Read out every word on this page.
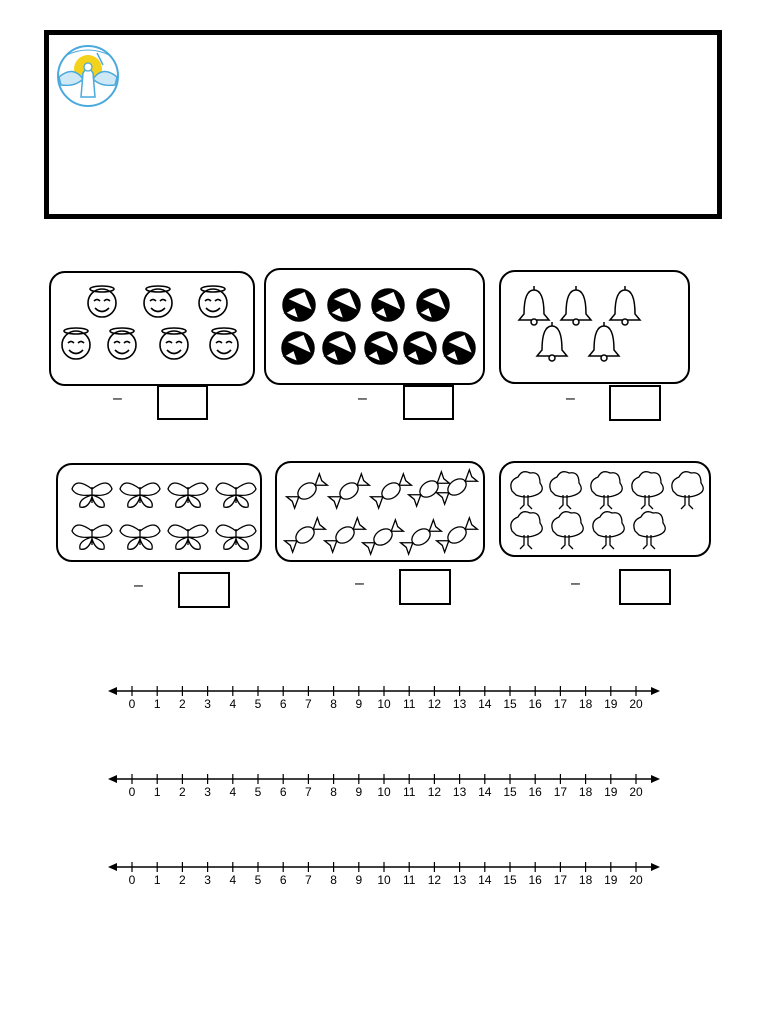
–	–	–
–	–	–
0	1	2	3	4	5	6	7	8	9	10	11	12 13 14 15 16 17 18 19 20
0	1	2	3	4	5	6	7	8	9	10	11	12 13 14 15 16 17 18 19 20
0	1	2	3	4	5	6	7	8	9	10	11	12 13 14 15 16 17 18 19 20
